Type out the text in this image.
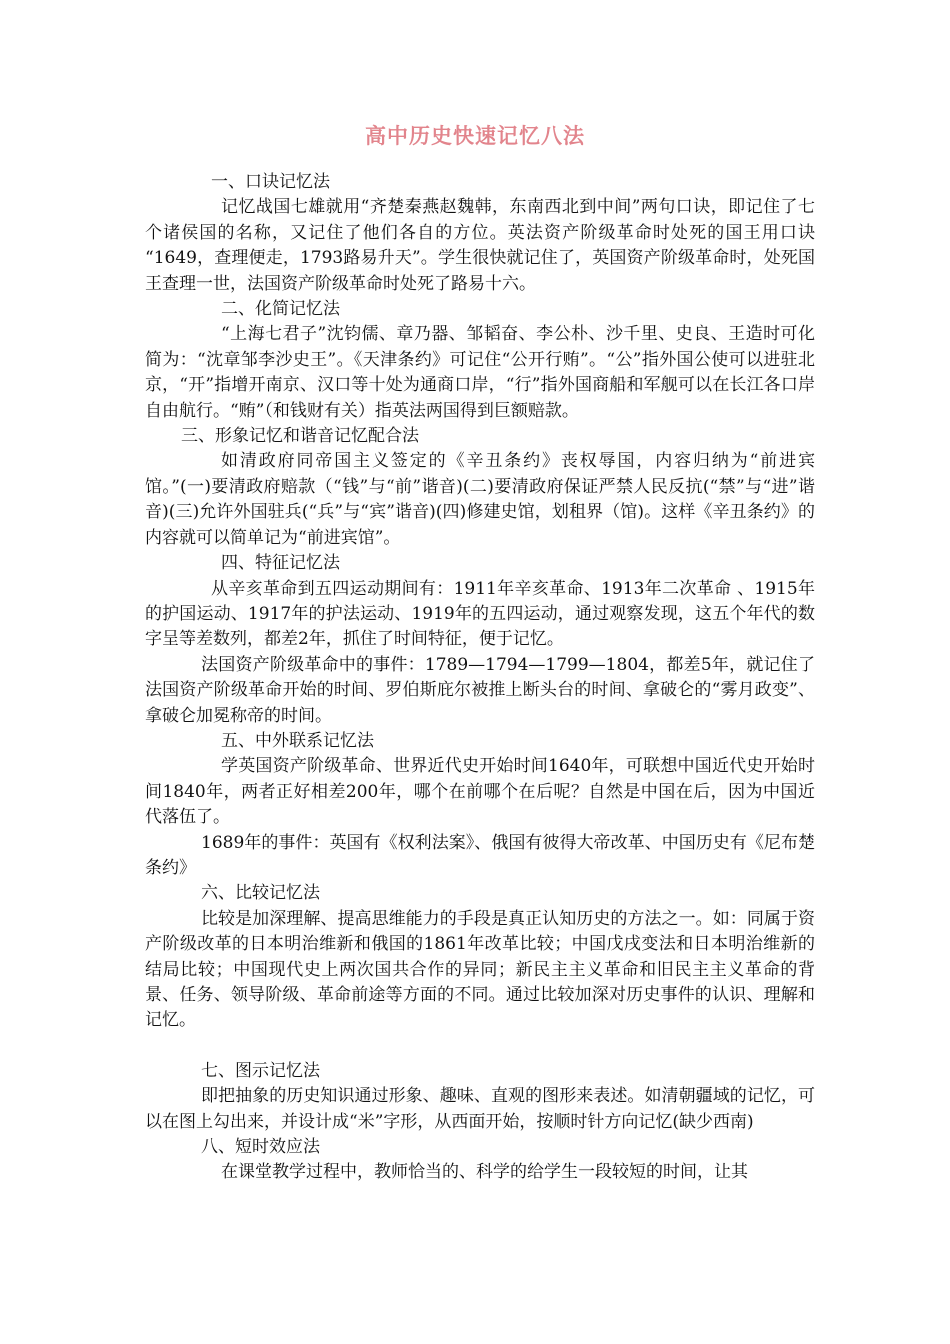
高中历史快速记忆八法

一、口诀记忆法

记忆战国七雄就用“齐楚秦燕赵魏韩，东南西北到中间”两句口诀，即记住了七个诸侯国的名称，又记住了他们各自的方位。英法资产阶级革命时处死的国王用口诀 “1649，查理便走，1793路易升天”。学生很快就记住了，英国资产阶级革命时，处死国王查理一世，法国资产阶级革命时处死了路易十六。

二、化简记忆法

“上海七君子”沈钧儒、章乃器、邹韬奋、李公朴、沙千里、史良、王造时可化简为：“沈章邹李沙史王”。《天津条约》可记住“公开行贿”。“公”指外国公使可以进驻北京，“开”指增开南京、汉口等十处为通商口岸，“行”指外国商船和军舰可以在长江各口岸自由航行。“贿”（和钱财有关）指英法两国得到巨额赔款。

三、形象记忆和谐音记忆配合法

如清政府同帝国主义签定的《辛丑条约》丧权辱国，内容归纳为“前进宾馆。”(一)要清政府赔款（“钱”与“前”谐音)(二)要清政府保证严禁人民反抗(“禁”与“进”谐音)(三)允许外国驻兵(“兵”与“宾”谐音)(四)修建史馆，划租界（馆)。这样《辛丑条约》的内容就可以简单记为“前进宾馆”。

四、特征记忆法

从辛亥革命到五四运动期间有：1911年辛亥革命、1913年二次革命 、1915年的护国运动、1917年的护法运动、1919年的五四运动，通过观察发现，这五个年代的数字呈等差数列，都差2年，抓住了时间特征，便于记忆。

法国资产阶级革命中的事件：1789—1794—1799—1804，都差5年，就记住了法国资产阶级革命开始的时间、罗伯斯庇尔被推上断头台的时间、拿破仑的“雾月政变”、拿破仑加冕称帝的时间。

五、中外联系记忆法

学英国资产阶级革命、世界近代史开始时间1640年，可联想中国近代史开始时间1840年，两者正好相差200年，哪个在前哪个在后呢？自然是中国在后，因为中国近代落伍了。

1689年的事件：英国有《权利法案》、俄国有彼得大帝改革、中国历史有《尼布楚条约》

六、比较记忆法

比较是加深理解、提高思维能力的手段是真正认知历史的方法之一。如：同属于资产阶级改革的日本明治维新和俄国的1861年改革比较；中国戊戌变法和日本明治维新的结局比较；中国现代史上两次国共合作的异同；新民主主义革命和旧民主主义革命的背景、任务、领导阶级、革命前途等方面的不同。通过比较加深对历史事件的认识、理解和记忆。

七、图示记忆法

即把抽象的历史知识通过形象、趣味、直观的图形来表述。如清朝疆域的记忆，可以在图上勾出来，并设计成“米”字形，从西面开始，按顺时针方向记忆(缺少西南)

八、短时效应法

在课堂教学过程中，教师恰当的、科学的给学生一段较短的时间，让其
